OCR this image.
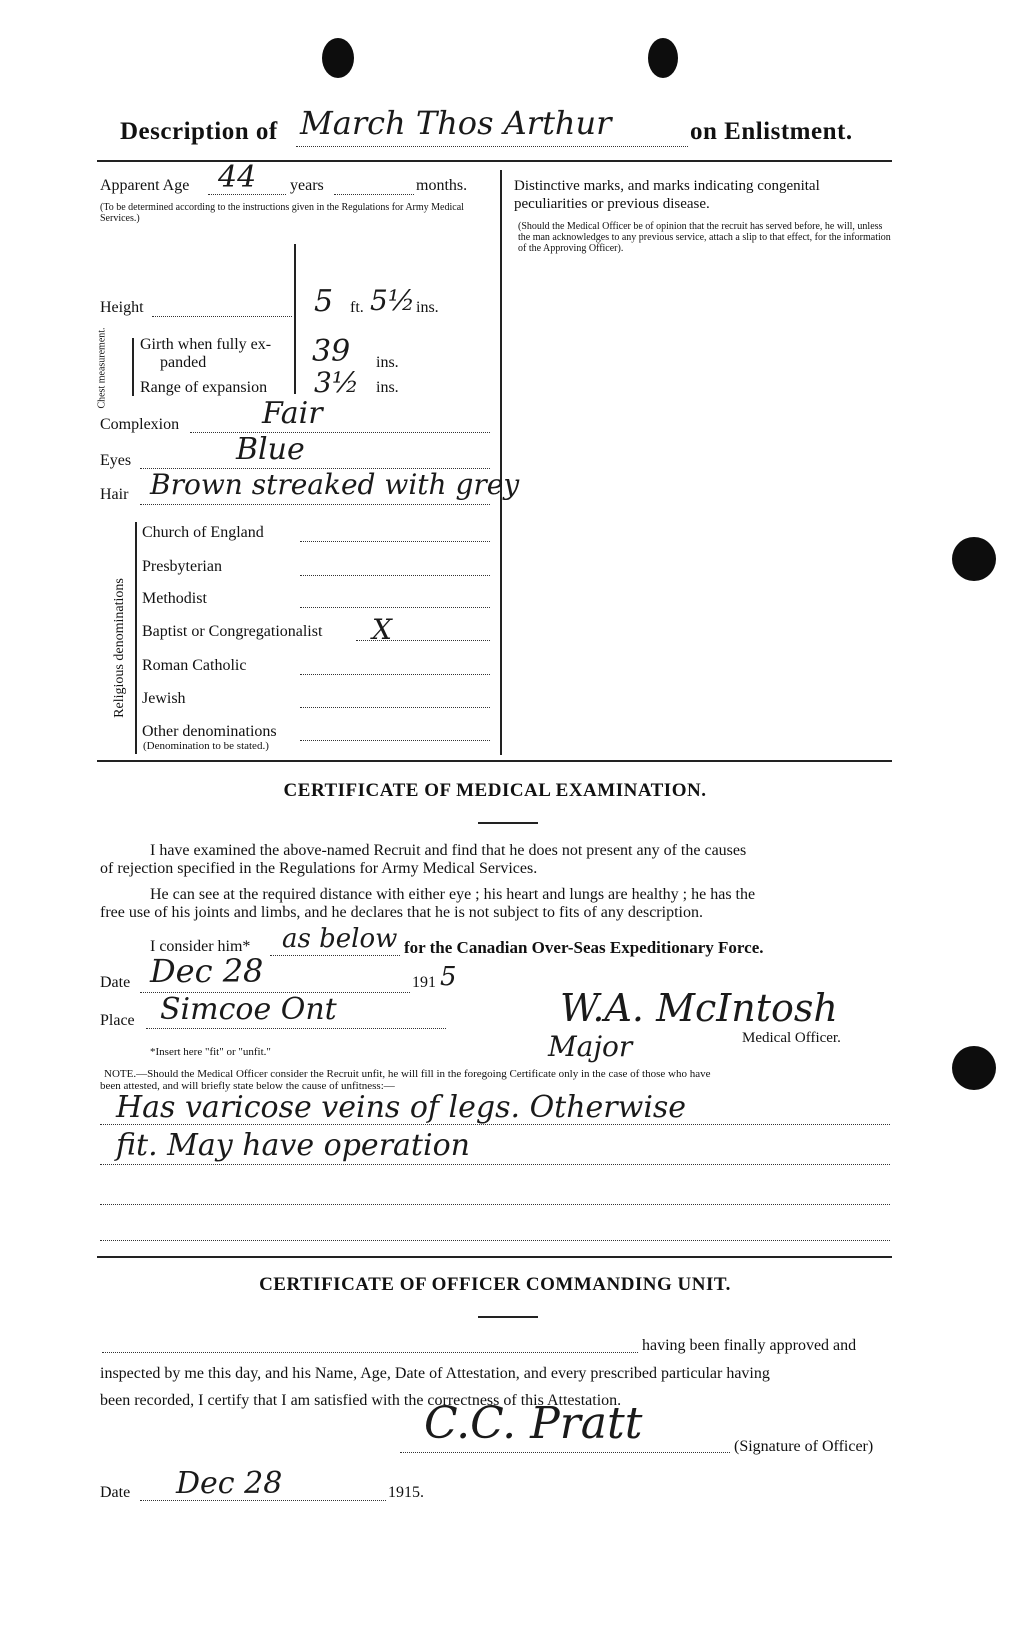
Description of March Thos Arthur	on Enlistment.
Apparent Age 44 years	months.
(To be determined according to the instructions given in the Regulations for Army Medical Services.)
Height	5 ft. 5½ ins.
Chest measurement. Girth when fully ex-
panded	39 ins.
Range of expansion 3½ ins.
Complexion	Fair
Eyes	Blue
Hair Brown streaked with grey
Religious denominations
Church of England
Presbyterian
Methodist
Baptist or Congregationalist X
Roman Catholic
Jewish
Other denominations
(Denomination to be stated.)
Distinctive marks, and marks indicating congenital
peculiarities or previous disease.
(Should the Medical Officer be of opinion that the recruit has served before, he will, unless the man acknowledges to any previous service, attach a slip to that effect, for the information of the Approving Officer).
CERTIFICATE OF MEDICAL EXAMINATION.
I have examined the above-named Recruit and find that he does not present any of the causes
of rejection specified in the Regulations for Army Medical Services.
He can see at the required distance with either eye ; his heart and lungs are healthy ; he has the
free use of his joints and limbs, and he declares that he is not subject to fits of any description.
I consider him* as below for the Canadian Over-Seas Expeditionary Force.
Date Dec 28	191 5
Place Simcoe Ont	W.A. McIntosh
Major	Medical Officer.
*Insert here "fit" or "unfit."
NOTE.—Should the Medical Officer consider the Recruit unfit, he will fill in the foregoing Certificate only in the case of those who have
been attested, and will briefly state below the cause of unfitness:—
Has varicose veins of legs. Otherwise
fit. May have operation
CERTIFICATE OF OFFICER COMMANDING UNIT.
having been finally approved and
inspected by me this day, and his Name, Age, Date of Attestation, and every prescribed particular having
been recorded, I certify that I am satisfied with the correctness of this Attestation.
C.C. Pratt	(Signature of Officer)
Date Dec 28	1915.
